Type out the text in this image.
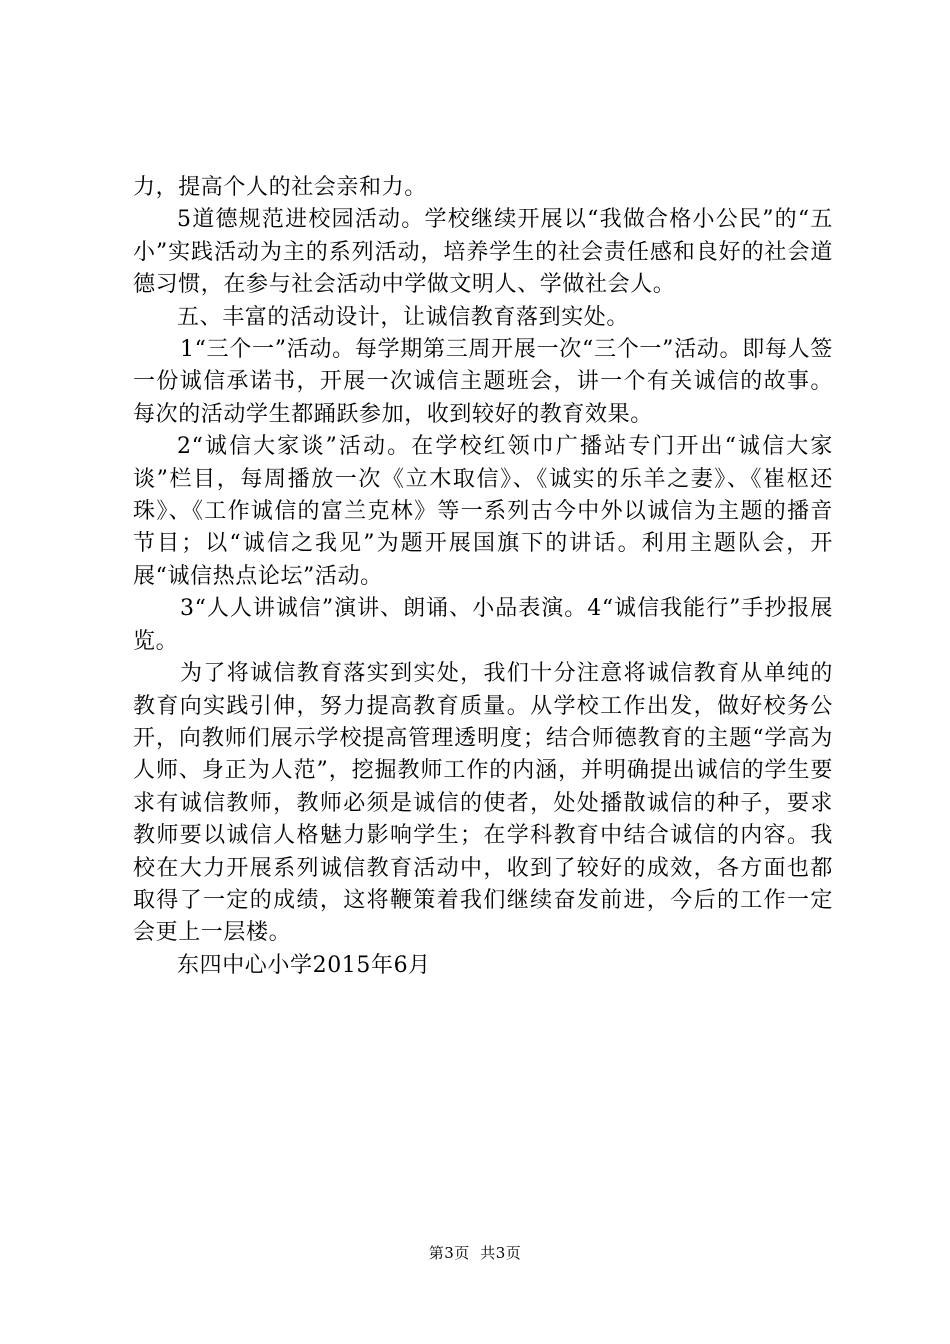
力，提高个人的社会亲和力。

5道德规范进校园活动。学校继续开展以“我做合格小公民”的“五小”实践活动为主的系列活动，培养学生的社会责任感和良好的社会道德习惯，在参与社会活动中学做文明人、学做社会人。

五、丰富的活动设计，让诚信教育落到实处。

1“三个一”活动。每学期第三周开展一次“三个一”活动。即每人签一份诚信承诺书，开展一次诚信主题班会，讲一个有关诚信的故事。每次的活动学生都踊跃参加，收到较好的教育效果。

2“诚信大家谈”活动。在学校红领巾广播站专门开出“诚信大家谈”栏目，每周播放一次《立木取信》、《诚实的乐羊之妻》、《崔枢还珠》、《工作诚信的富兰克林》等一系列古今中外以诚信为主题的播音节目；以“诚信之我见”为题开展国旗下的讲话。利用主题队会，开展“诚信热点论坛”活动。

3“人人讲诚信”演讲、朗诵、小品表演。4“诚信我能行”手抄报展览。

为了将诚信教育落实到实处，我们十分注意将诚信教育从单纯的教育向实践引伸，努力提高教育质量。从学校工作出发，做好校务公开，向教师们展示学校提高管理透明度；结合师德教育的主题“学高为人师、身正为人范”，挖掘教师工作的内涵，并明确提出诚信的学生要求有诚信教师，教师必须是诚信的使者，处处播散诚信的种子，要求教师要以诚信人格魅力影响学生；在学科教育中结合诚信的内容。我校在大力开展系列诚信教育活动中，收到了较好的成效，各方面也都取得了一定的成绩，这将鞭策着我们继续奋发前进，今后的工作一定会更上一层楼。

东四中心小学2015年6月

第3页  共3页
